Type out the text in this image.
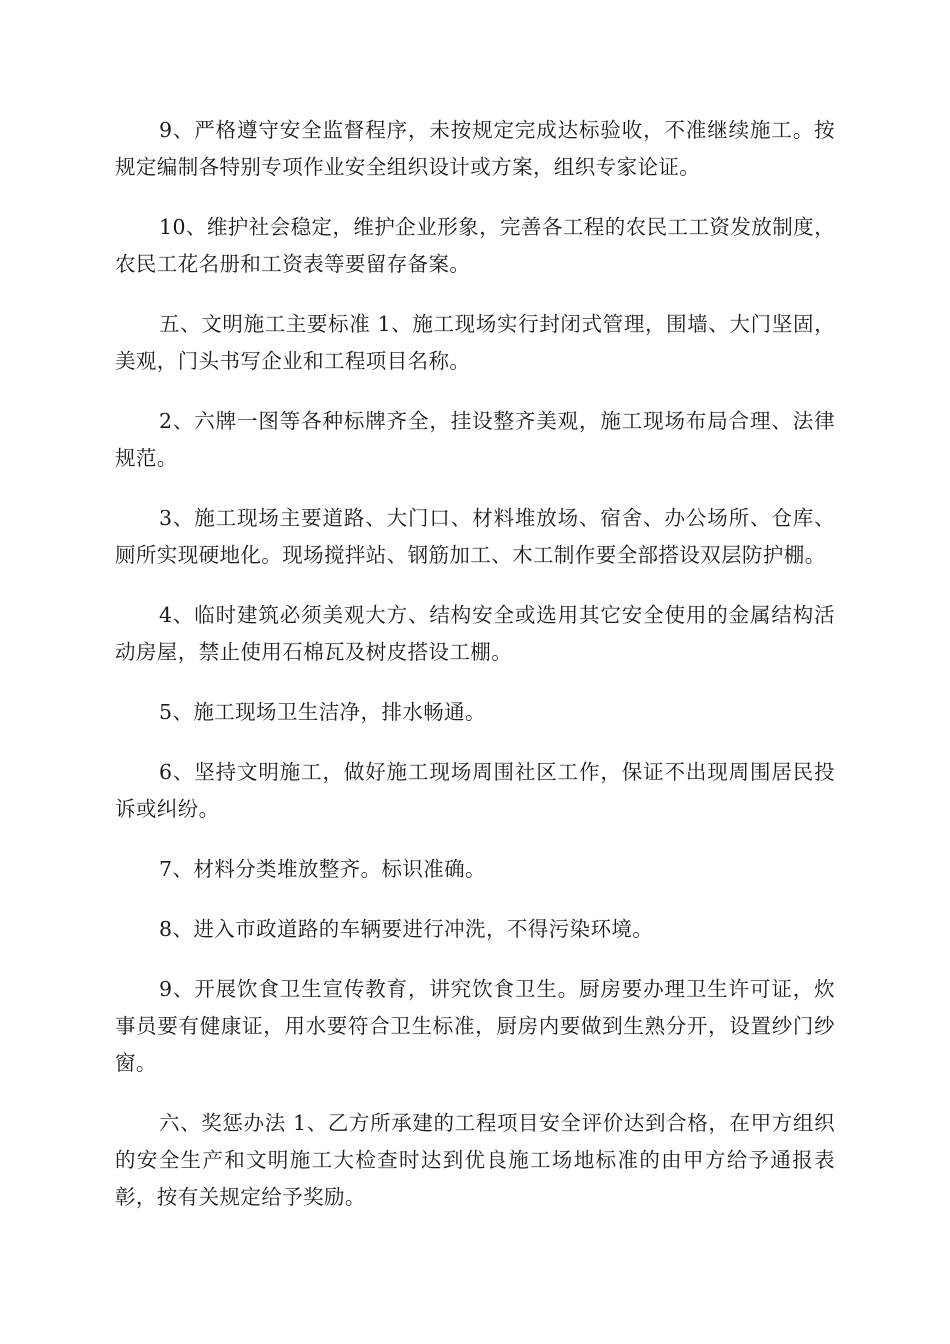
9、严格遵守安全监督程序，未按规定完成达标验收，不准继续施工。按规定编制各特别专项作业安全组织设计或方案，组织专家论证。

10、维护社会稳定，维护企业形象，完善各工程的农民工工资发放制度，农民工花名册和工资表等要留存备案。

五、文明施工主要标准 1、施工现场实行封闭式管理，围墙、大门坚固，美观，门头书写企业和工程项目名称。

2、六牌一图等各种标牌齐全，挂设整齐美观，施工现场布局合理、法律规范。

3、施工现场主要道路、大门口、材料堆放场、宿舍、办公场所、仓库、厕所实现硬地化。现场搅拌站、钢筋加工、木工制作要全部搭设双层防护棚。

4、临时建筑必须美观大方、结构安全或选用其它安全使用的金属结构活动房屋，禁止使用石棉瓦及树皮搭设工棚。

5、施工现场卫生洁净，排水畅通。

6、坚持文明施工，做好施工现场周围社区工作，保证不出现周围居民投诉或纠纷。

7、材料分类堆放整齐。标识准确。

8、进入市政道路的车辆要进行冲洗，不得污染环境。

9、开展饮食卫生宣传教育，讲究饮食卫生。厨房要办理卫生许可证，炊事员要有健康证，用水要符合卫生标准，厨房内要做到生熟分开，设置纱门纱窗。

六、奖惩办法 1、乙方所承建的工程项目安全评价达到合格，在甲方组织的安全生产和文明施工大检查时达到优良施工场地标准的由甲方给予通报表彰，按有关规定给予奖励。
